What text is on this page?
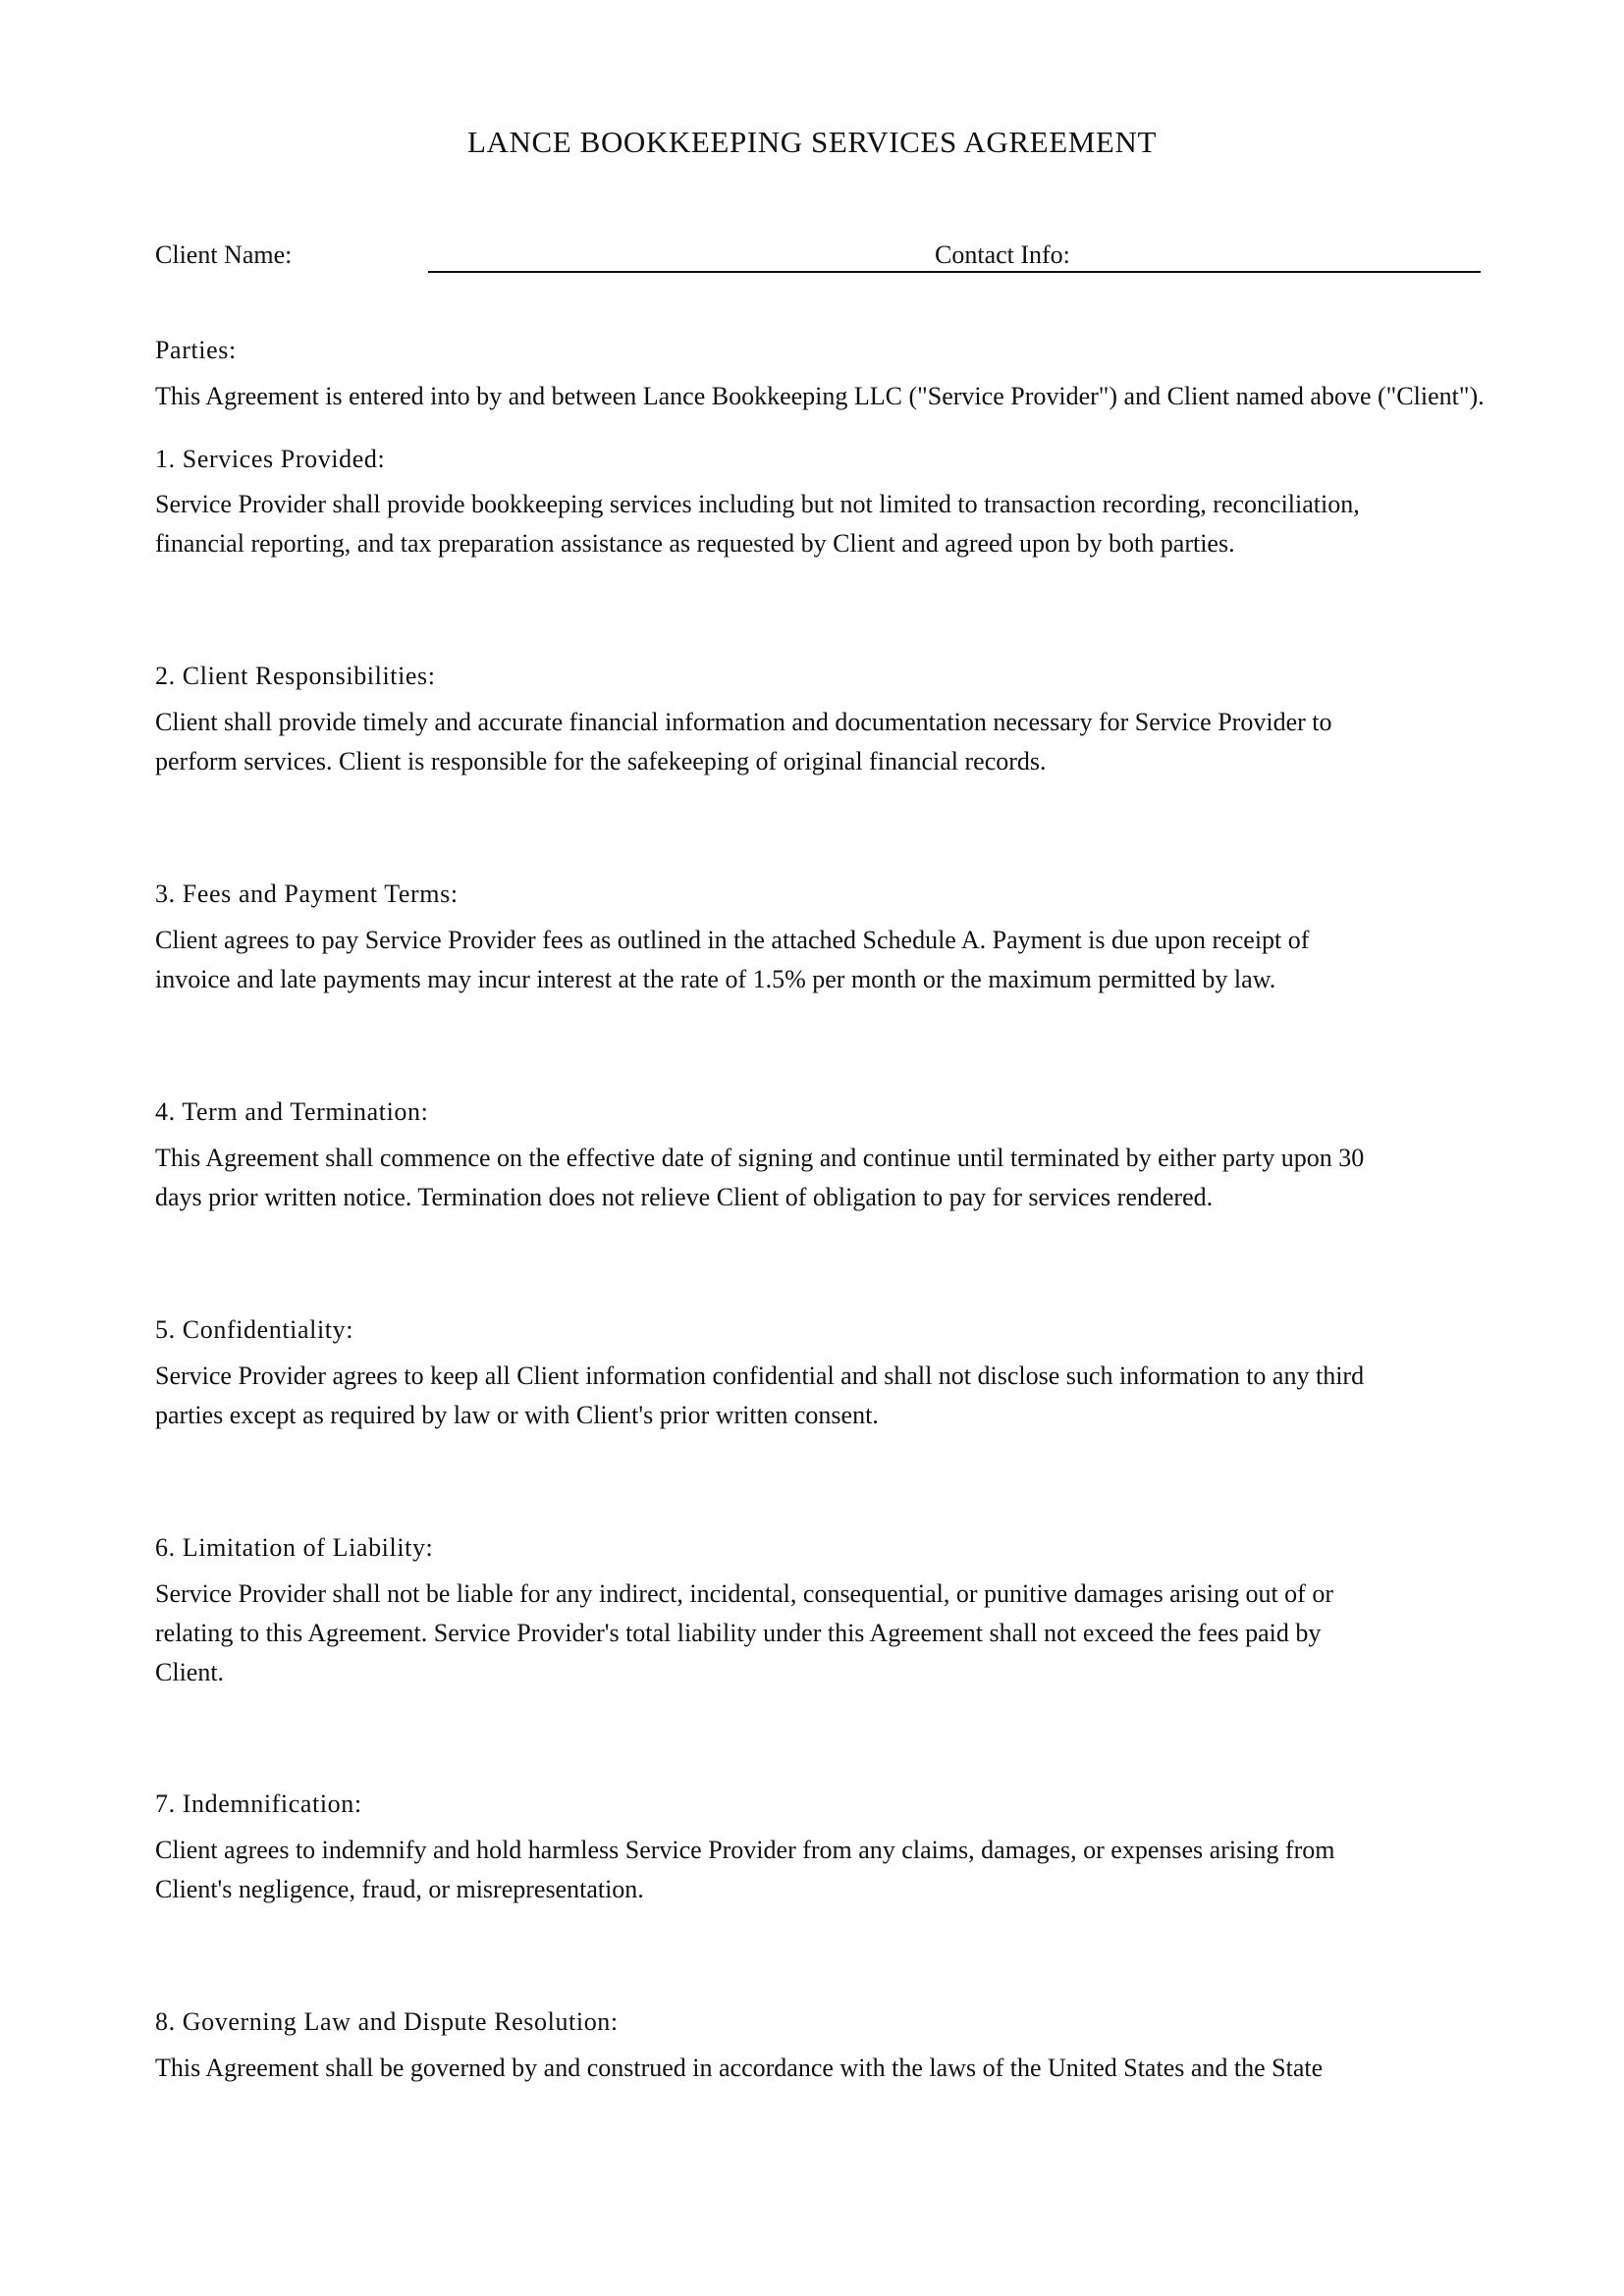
LANCE BOOKKEEPING SERVICES AGREEMENT
Client Name:	Contact Info:
Parties:
This Agreement is entered into by and between Lance Bookkeeping LLC ("Service Provider") and Client named above ("Client").
1. Services Provided:
Service Provider shall provide bookkeeping services including but not limited to transaction recording, reconciliation,
financial reporting, and tax preparation assistance as requested by Client and agreed upon by both parties.
2. Client Responsibilities:
Client shall provide timely and accurate financial information and documentation necessary for Service Provider to
perform services. Client is responsible for the safekeeping of original financial records.
3. Fees and Payment Terms:
Client agrees to pay Service Provider fees as outlined in the attached Schedule A. Payment is due upon receipt of
invoice and late payments may incur interest at the rate of 1.5% per month or the maximum permitted by law.
4. Term and Termination:
This Agreement shall commence on the effective date of signing and continue until terminated by either party upon 30
days prior written notice. Termination does not relieve Client of obligation to pay for services rendered.
5. Confidentiality:
Service Provider agrees to keep all Client information confidential and shall not disclose such information to any third
parties except as required by law or with Client's prior written consent.
6. Limitation of Liability:
Service Provider shall not be liable for any indirect, incidental, consequential, or punitive damages arising out of or
relating to this Agreement. Service Provider's total liability under this Agreement shall not exceed the fees paid by
Client.
7. Indemnification:
Client agrees to indemnify and hold harmless Service Provider from any claims, damages, or expenses arising from
Client's negligence, fraud, or misrepresentation.
8. Governing Law and Dispute Resolution:
This Agreement shall be governed by and construed in accordance with the laws of the United States and the State
